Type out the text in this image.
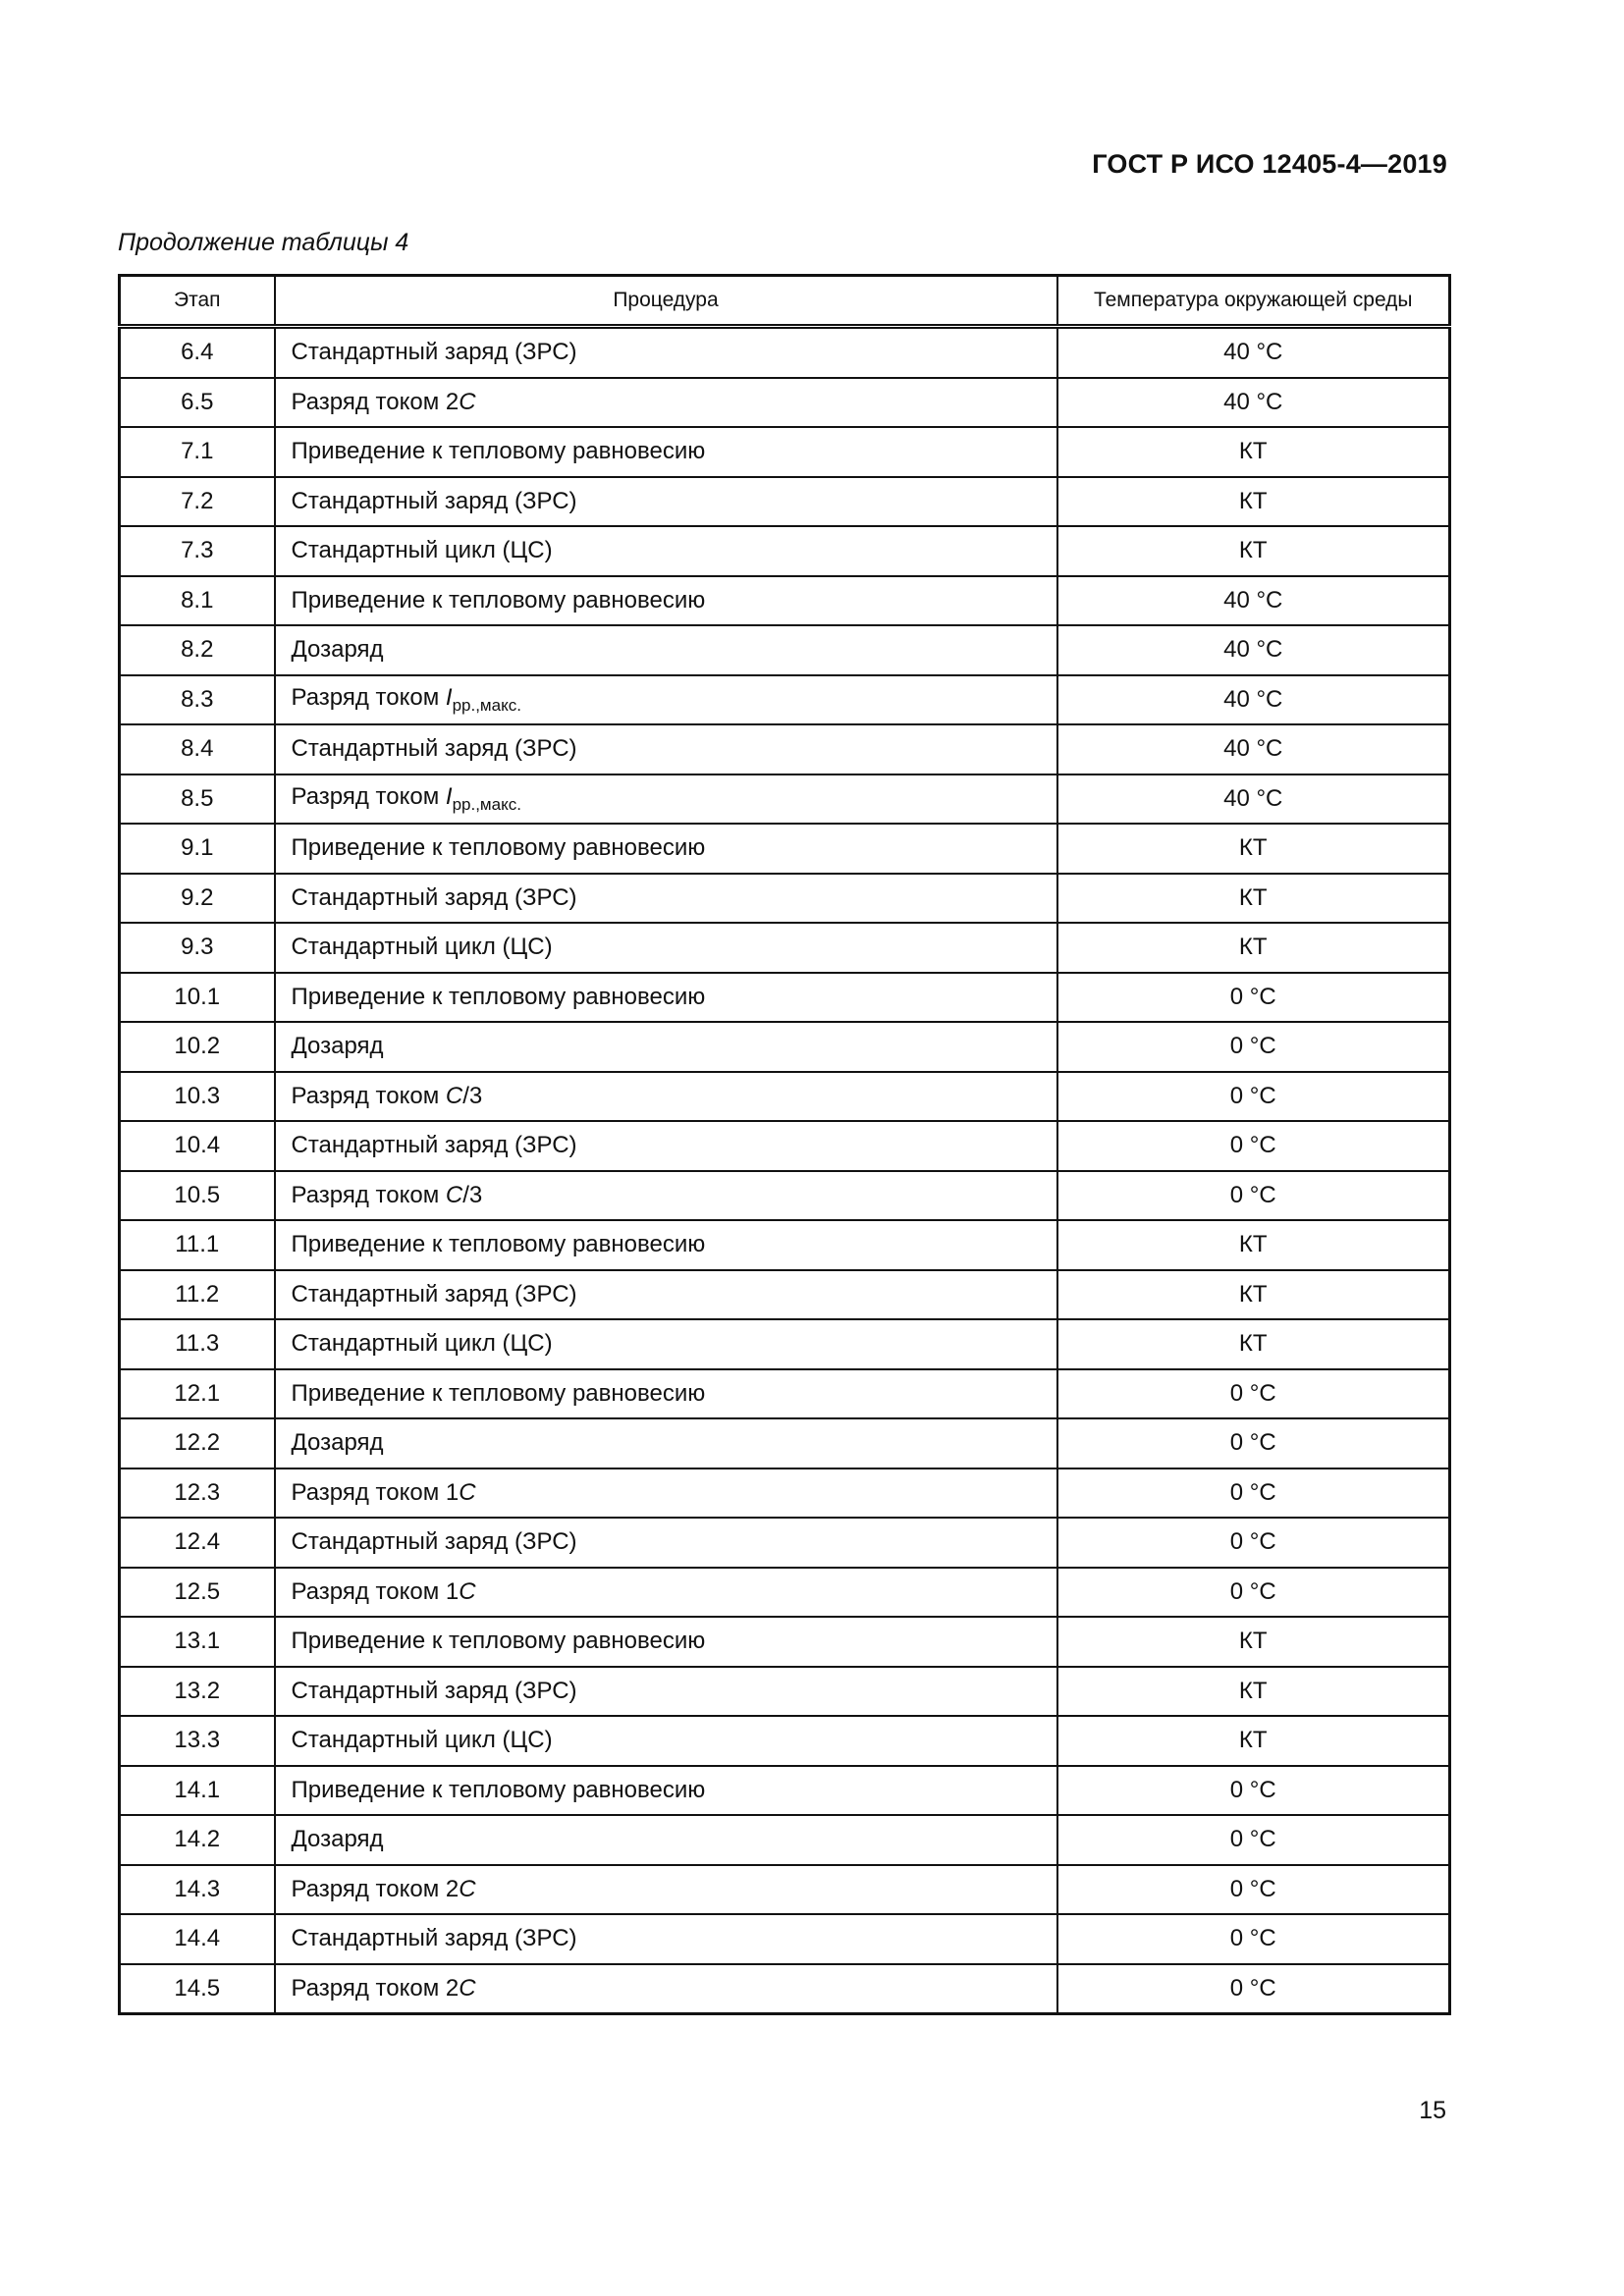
ГОСТ Р ИСО 12405-4—2019
Продолжение таблицы 4
Этап	Процедура	Температура окружающей среды
6.4	Стандартный заряд (ЗРС)	40 °C
6.5	Разряд током 2C	40 °C
7.1	Приведение к тепловому равновесию	КТ
7.2	Стандартный заряд (ЗРС)	КТ
7.3	Стандартный цикл (ЦС)	КТ
8.1	Приведение к тепловому равновесию	40 °C
8.2	Дозаряд	40 °C
8.3	Разряд током $I_{рр.,макс.}$	40 °C
8.4	Стандартный заряд (ЗРС)	40 °C
8.5	Разряд током $I_{рр.,макс.}$	40 °C
9.1	Приведение к тепловому равновесию	КТ
9.2	Стандартный заряд (ЗРС)	КТ
9.3	Стандартный цикл (ЦС)	КТ
10.1	Приведение к тепловому равновесию	0 °C
10.2	Дозаряд	0 °C
10.3	Разряд током C/3	0 °C
10.4	Стандартный заряд (ЗРС)	0 °C
10.5	Разряд током C/3	0 °C
11.1	Приведение к тепловому равновесию	КТ
11.2	Стандартный заряд (ЗРС)	КТ
11.3	Стандартный цикл (ЦС)	КТ
12.1	Приведение к тепловому равновесию	0 °C
12.2	Дозаряд	0 °C
12.3	Разряд током 1C	0 °C
12.4	Стандартный заряд (ЗРС)	0 °C
12.5	Разряд током 1C	0 °C
13.1	Приведение к тепловому равновесию	КТ
13.2	Стандартный заряд (ЗРС)	КТ
13.3	Стандартный цикл (ЦС)	КТ
14.1	Приведение к тепловому равновесию	0 °C
14.2	Дозаряд	0 °C
14.3	Разряд током 2C	0 °C
14.4	Стандартный заряд (ЗРС)	0 °C
14.5	Разряд током 2C	0 °C
15
